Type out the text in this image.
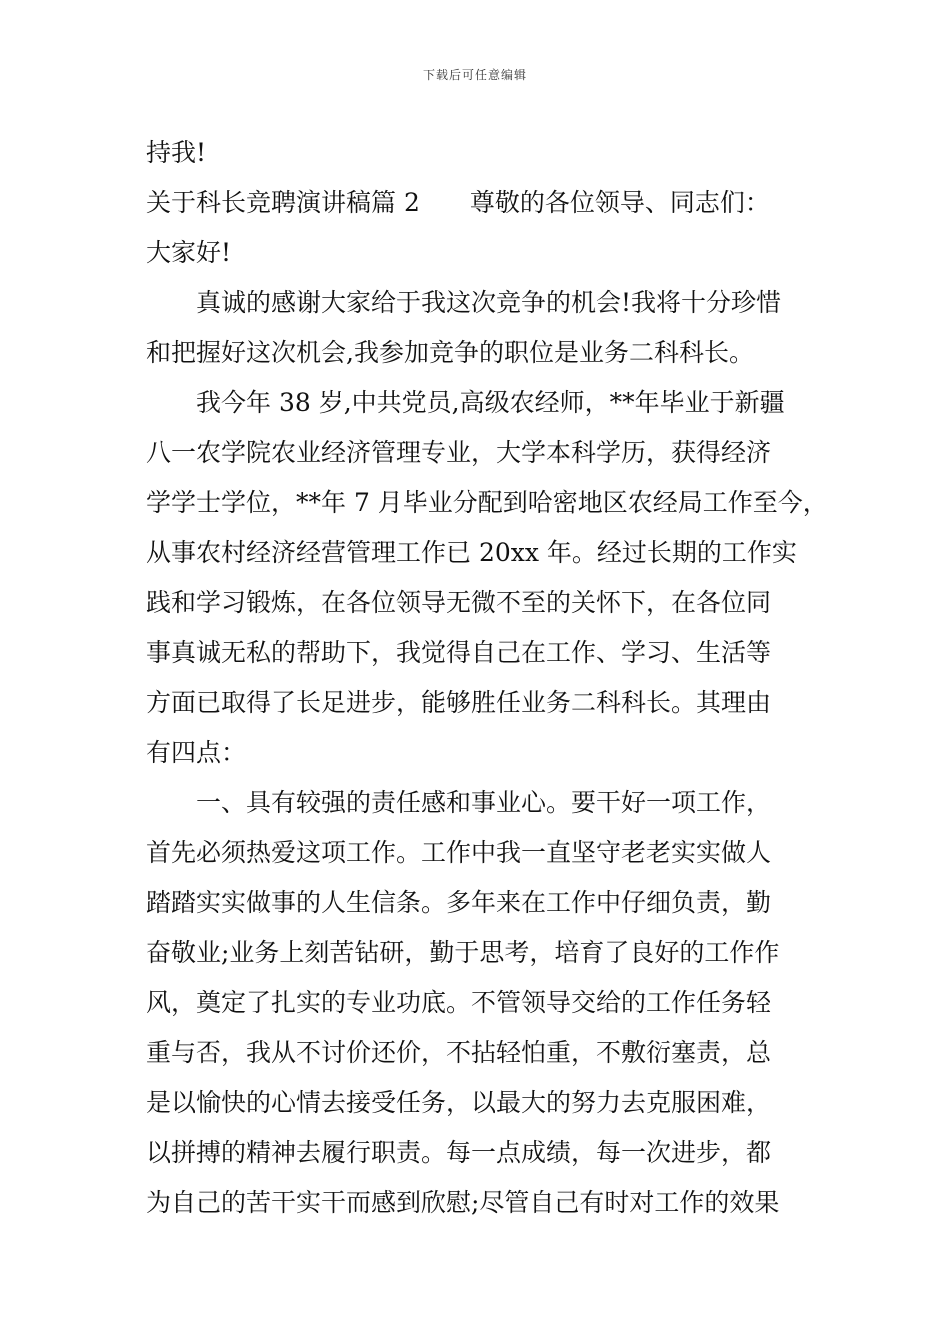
下载后可任意编辑
持我!
关于科长竞聘演讲稿篇 2 尊敬的各位领导、同志们：
大家好!
真诚的感谢大家给于我这次竞争的机会!我将十分珍惜
和把握好这次机会,我参加竞争的职位是业务二科科长。
我今年 38 岁,中共党员,高级农经师，**年毕业于新疆
八一农学院农业经济管理专业，大学本科学历，获得经济
学学士学位，**年 7 月毕业分配到哈密地区农经局工作至今，
从事农村经济经营管理工作已 20xx 年。经过长期的工作实
践和学习锻炼，在各位领导无微不至的关怀下，在各位同
事真诚无私的帮助下，我觉得自己在工作、学习、生活等
方面已取得了长足进步，能够胜任业务二科科长。其理由
有四点：
一、具有较强的责任感和事业心。要干好一项工作，
首先必须热爱这项工作。工作中我一直坚守老老实实做人
踏踏实实做事的人生信条。多年来在工作中仔细负责，勤
奋敬业;业务上刻苦钻研，勤于思考，培育了良好的工作作
风，奠定了扎实的专业功底。不管领导交给的工作任务轻
重与否，我从不讨价还价，不拈轻怕重，不敷衍塞责，总
是以愉快的心情去接受任务，以最大的努力去克服困难，
以拼搏的精神去履行职责。每一点成绩，每一次进步，都
为自己的苦干实干而感到欣慰;尽管自己有时对工作的效果
